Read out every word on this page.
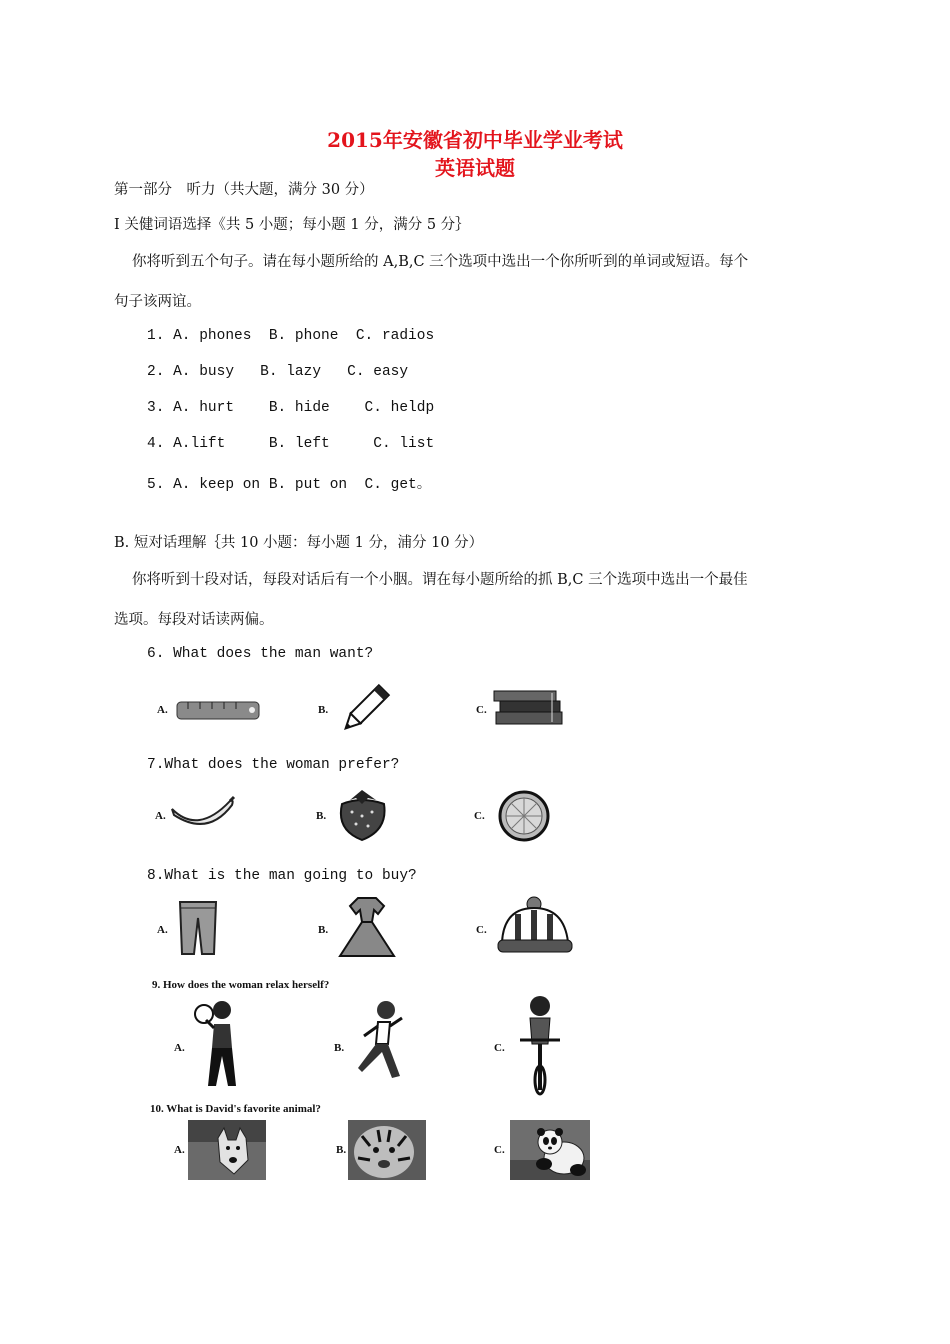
2015年安徽省初中毕业学业考试
英语试题
第一部分　听力（共大题，满分 30 分）
I 关健词语选择《共 5 小题；每小题 1 分，满分 5 分｝
你将听到五个句子。请在每小题所给的 A,B,C 三个选项中选出一个你所听到的单词或短语。每个
句子该两谊。
1. A. phones  B. phone  C. radios
2. A. busy   B. lazy   C. easy
3. A. hurt    B. hide    C. heldp
4. A.lift     B. left     C. list
5. A. keep on B. put on  C. get。
B. 短对话理解｛共 10 小题：每小题 1 分，浦分 10 分）
你将听到十段对话，每段对话后有一个小胭。谓在每小题所给的抓 B,C 三个选项中选出一个最佳
选项。每段对话读两偏。
6. What does the man want?
A.	B.	C.
7.What does the woman prefer?
A.	B.	C.
8.What is the man going to buy?
A.	B.	C.
9. How does the woman relax herself?
A.	B.	C.
10. What is David's favorite animal?
A.	B.	C.
